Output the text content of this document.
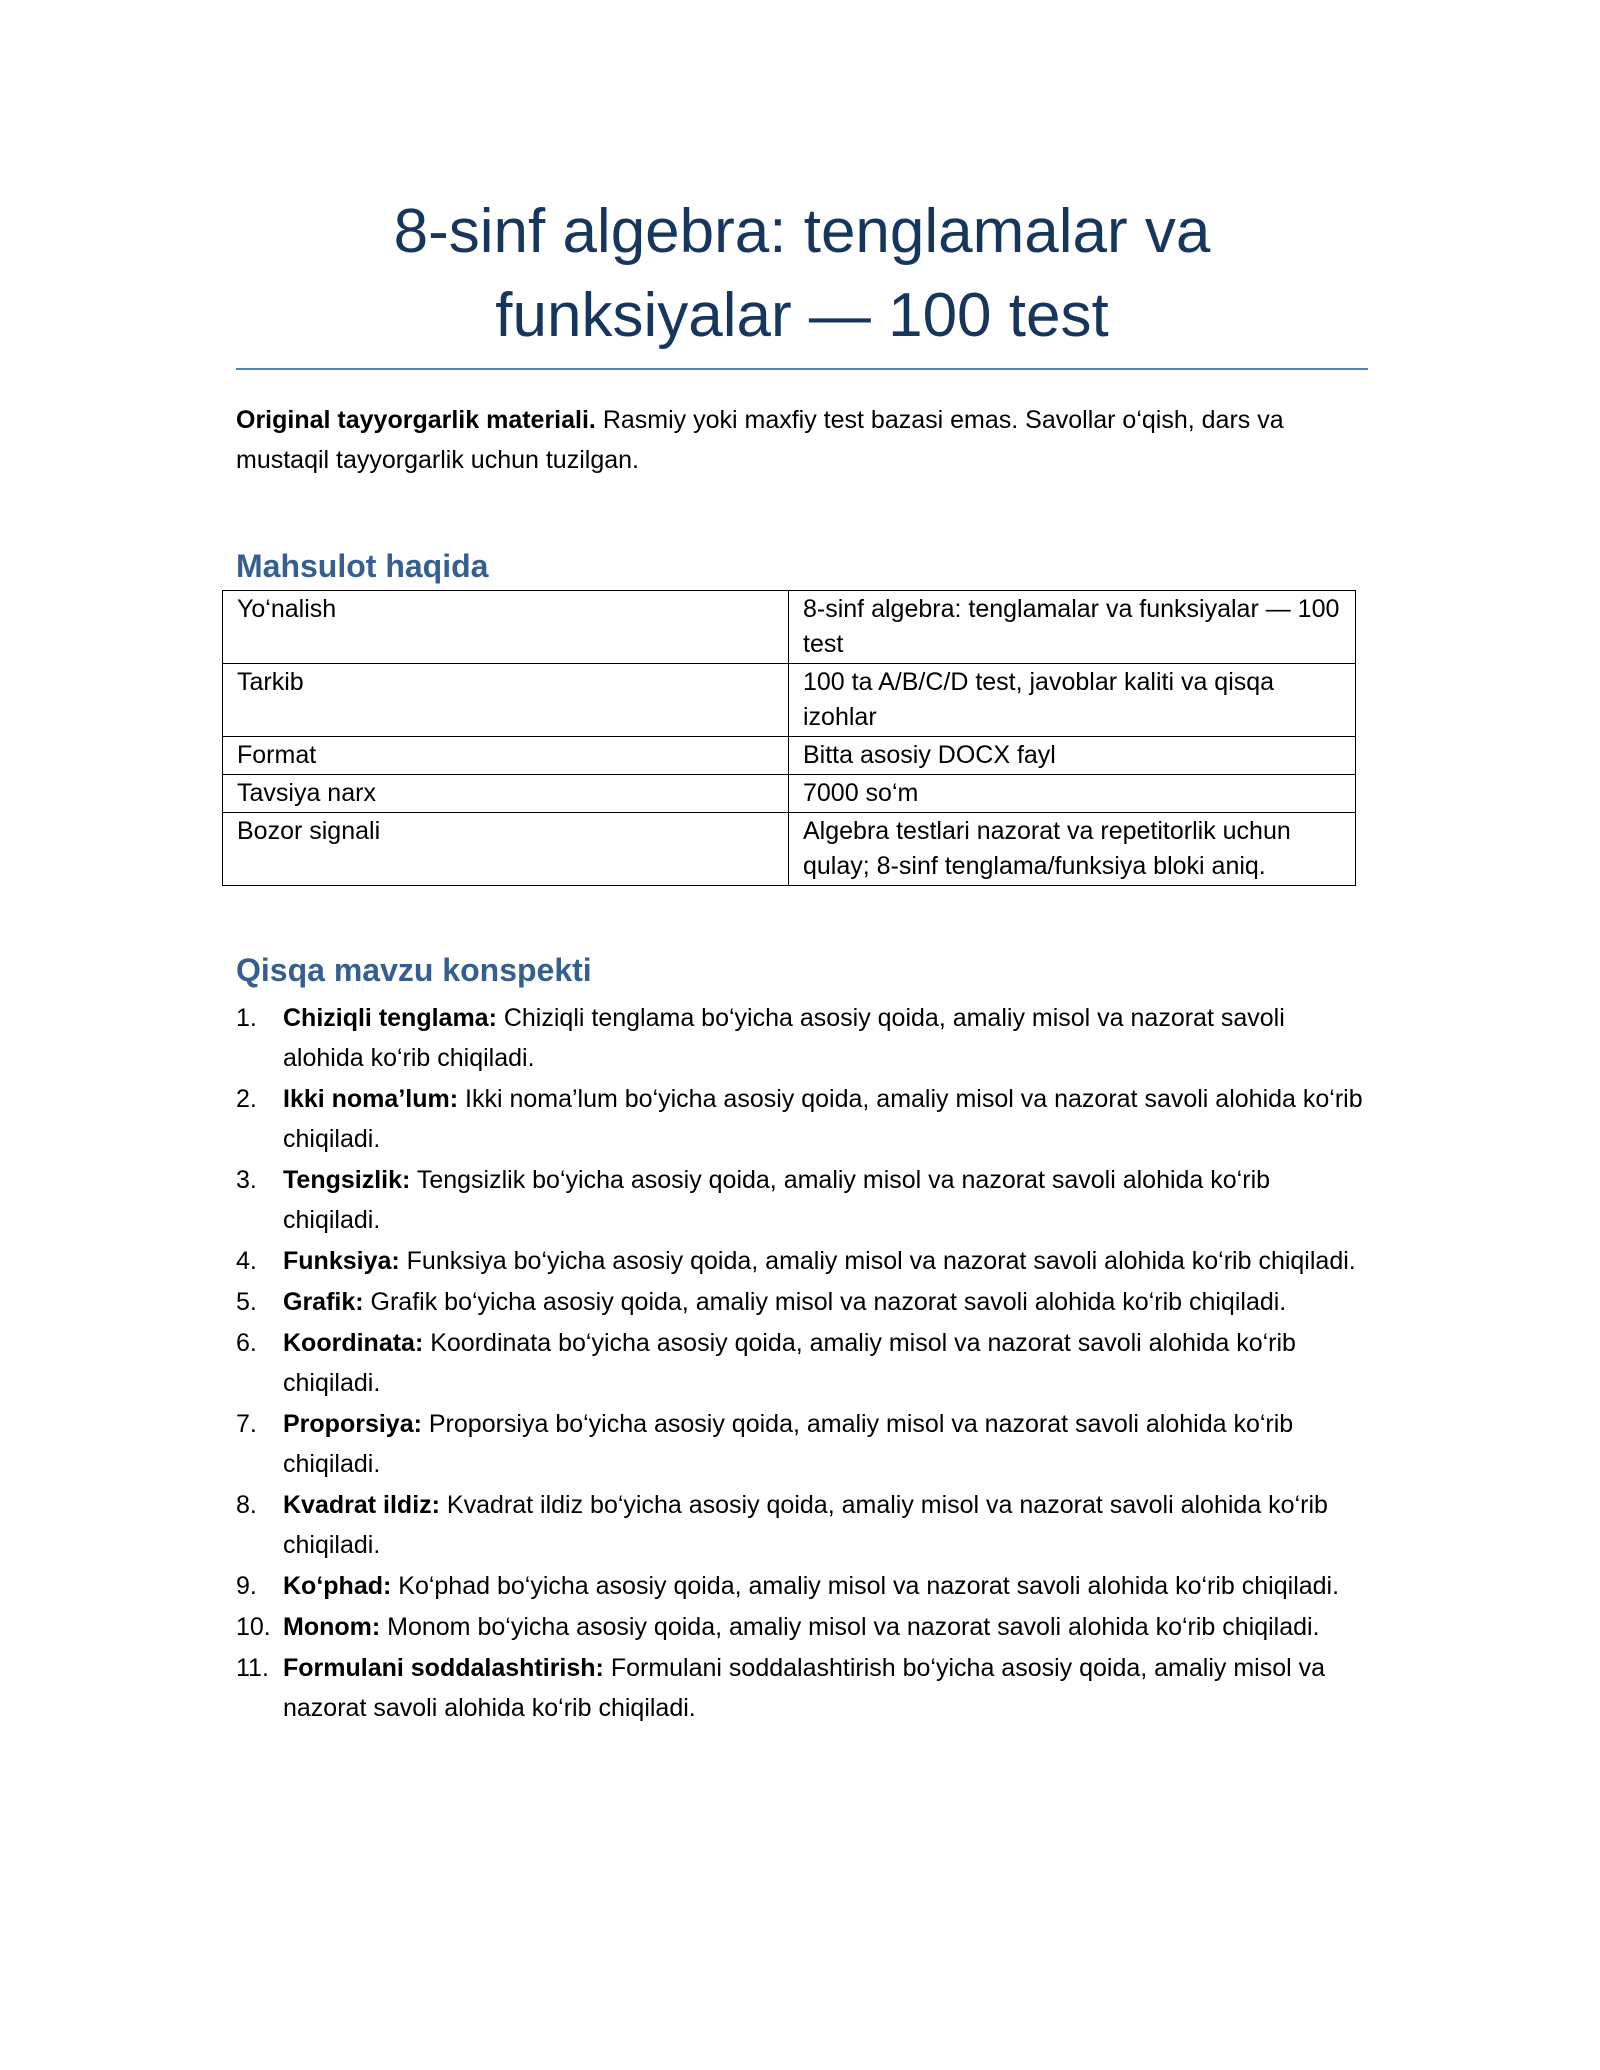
8-sinf algebra: tenglamalar va funksiyalar — 100 test

Original tayyorgarlik materiali. Rasmiy yoki maxfiy test bazasi emas. Savollar o‘qish, dars va mustaqil tayyorgarlik uchun tuzilgan.

Mahsulot haqida
Yo‘nalish	8-sinf algebra: tenglamalar va funksiyalar — 100 test
Tarkib	100 ta A/B/C/D test, javoblar kaliti va qisqa izohlar
Format	Bitta asosiy DOCX fayl
Tavsiya narx	7000 so‘m
Bozor signali	Algebra testlari nazorat va repetitorlik uchun qulay; 8-sinf tenglama/funksiya bloki aniq.
Qisqa mavzu konspekti
1. Chiziqli tenglama: Chiziqli tenglama bo‘yicha asosiy qoida, amaliy misol va nazorat savoli alohida ko‘rib chiqiladi.
2. Ikki noma’lum: Ikki noma’lum bo‘yicha asosiy qoida, amaliy misol va nazorat savoli alohida ko‘rib chiqiladi.
3. Tengsizlik: Tengsizlik bo‘yicha asosiy qoida, amaliy misol va nazorat savoli alohida ko‘rib chiqiladi.
4. Funksiya: Funksiya bo‘yicha asosiy qoida, amaliy misol va nazorat savoli alohida ko‘rib chiqiladi.
5. Grafik: Grafik bo‘yicha asosiy qoida, amaliy misol va nazorat savoli alohida ko‘rib chiqiladi.
6. Koordinata: Koordinata bo‘yicha asosiy qoida, amaliy misol va nazorat savoli alohida ko‘rib chiqiladi.
7. Proporsiya: Proporsiya bo‘yicha asosiy qoida, amaliy misol va nazorat savoli alohida ko‘rib chiqiladi.
8. Kvadrat ildiz: Kvadrat ildiz bo‘yicha asosiy qoida, amaliy misol va nazorat savoli alohida ko‘rib chiqiladi.
9. Ko‘phad: Ko‘phad bo‘yicha asosiy qoida, amaliy misol va nazorat savoli alohida ko‘rib chiqiladi.
10. Monom: Monom bo‘yicha asosiy qoida, amaliy misol va nazorat savoli alohida ko‘rib chiqiladi.
11. Formulani soddalashtirish: Formulani soddalashtirish bo‘yicha asosiy qoida, amaliy misol va nazorat savoli alohida ko‘rib chiqiladi.
